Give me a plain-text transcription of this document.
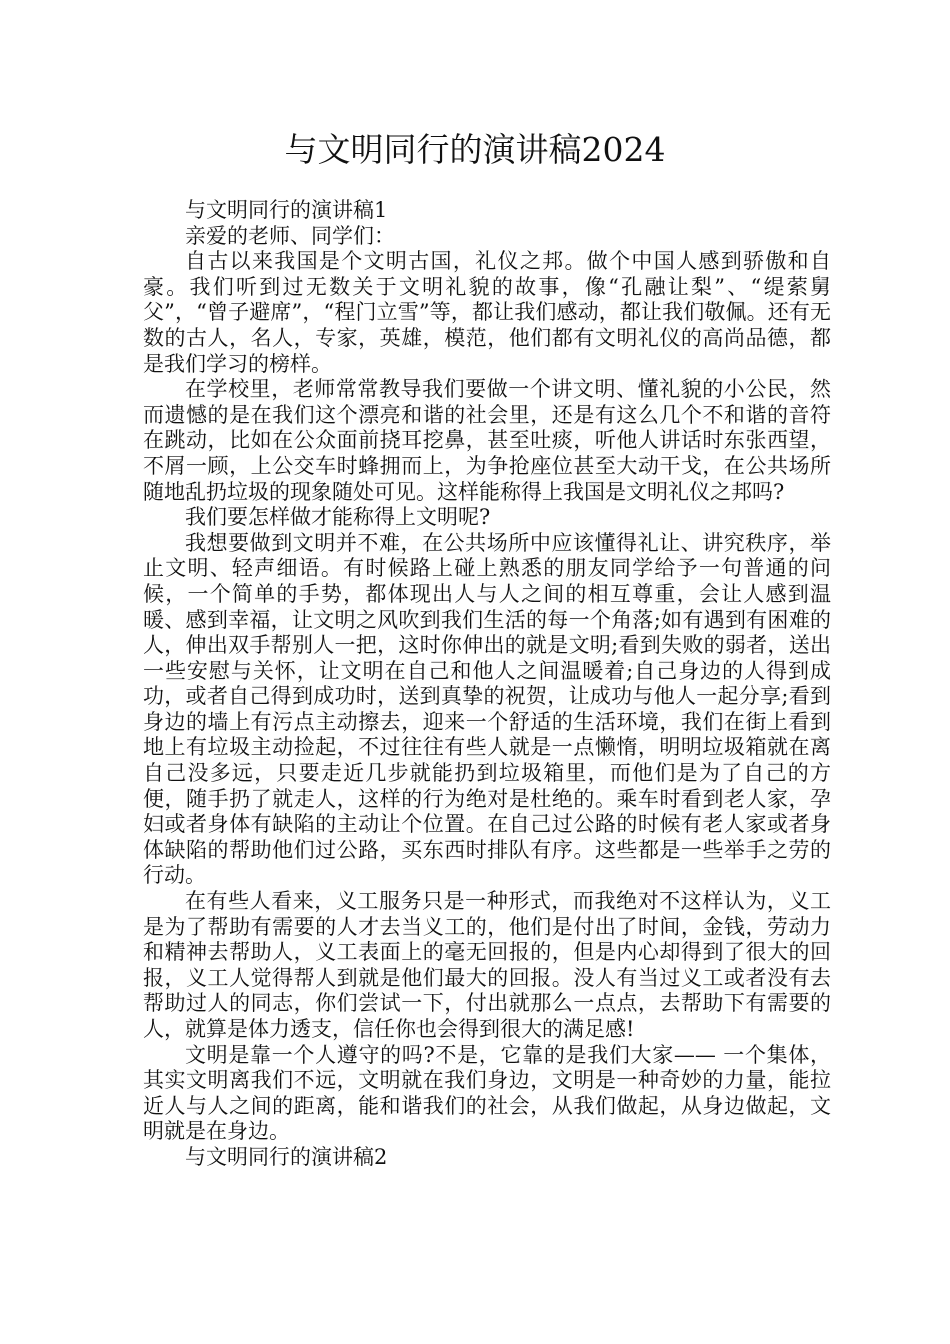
与文明同行的演讲稿2024

与文明同行的演讲稿1

亲爱的老师、同学们：

自古以来我国是个文明古国，礼仪之邦。做个中国人感到骄傲和自豪。我们听到过无数关于文明礼貌的故事，像“孔融让梨”、“缇萦舅父”，“曾子避席”，“程门立雪”等，都让我们感动，都让我们敬佩。还有无数的古人，名人，专家，英雄，模范，他们都有文明礼仪的高尚品德，都是我们学习的榜样。

在学校里，老师常常教导我们要做一个讲文明、懂礼貌的小公民，然而遗憾的是在我们这个漂亮和谐的社会里，还是有这么几个不和谐的音符在跳动，比如在公众面前挠耳挖鼻，甚至吐痰，听他人讲话时东张西望，不屑一顾，上公交车时蜂拥而上，为争抢座位甚至大动干戈，在公共场所随地乱扔垃圾的现象随处可见。这样能称得上我国是文明礼仪之邦吗?

我们要怎样做才能称得上文明呢?

我想要做到文明并不难，在公共场所中应该懂得礼让、讲究秩序，举止文明、轻声细语。有时候路上碰上熟悉的朋友同学给予一句普通的问候，一个简单的手势，都体现出人与人之间的相互尊重，会让人感到温暖、感到幸福，让文明之风吹到我们生活的每一个角落;如有遇到有困难的人，伸出双手帮别人一把，这时你伸出的就是文明;看到失败的弱者，送出一些安慰与关怀，让文明在自己和他人之间温暖着;自己身边的人得到成功，或者自己得到成功时，送到真挚的祝贺，让成功与他人一起分享;看到身边的墙上有污点主动擦去，迎来一个舒适的生活环境，我们在街上看到地上有垃圾主动捡起，不过往往有些人就是一点懒惰，明明垃圾箱就在离自己没多远，只要走近几步就能扔到垃圾箱里，而他们是为了自己的方便，随手扔了就走人，这样的行为绝对是杜绝的。乘车时看到老人家，孕妇或者身体有缺陷的主动让个位置。在自己过公路的时候有老人家或者身体缺陷的帮助他们过公路，买东西时排队有序。这些都是一些举手之劳的行动。

在有些人看来，义工服务只是一种形式，而我绝对不这样认为，义工是为了帮助有需要的人才去当义工的，他们是付出了时间，金钱，劳动力和精神去帮助人，义工表面上的毫无回报的，但是内心却得到了很大的回报，义工人觉得帮人到就是他们最大的回报。没人有当过义工或者没有去帮助过人的同志，你们尝试一下，付出就那么一点点，去帮助下有需要的人，就算是体力透支，信任你也会得到很大的满足感!

文明是靠一个人遵守的吗?不是，它靠的是我们大家—— 一个集体，其实文明离我们不远，文明就在我们身边，文明是一种奇妙的力量，能拉近人与人之间的距离，能和谐我们的社会，从我们做起，从身边做起，文明就是在身边。

与文明同行的演讲稿2
